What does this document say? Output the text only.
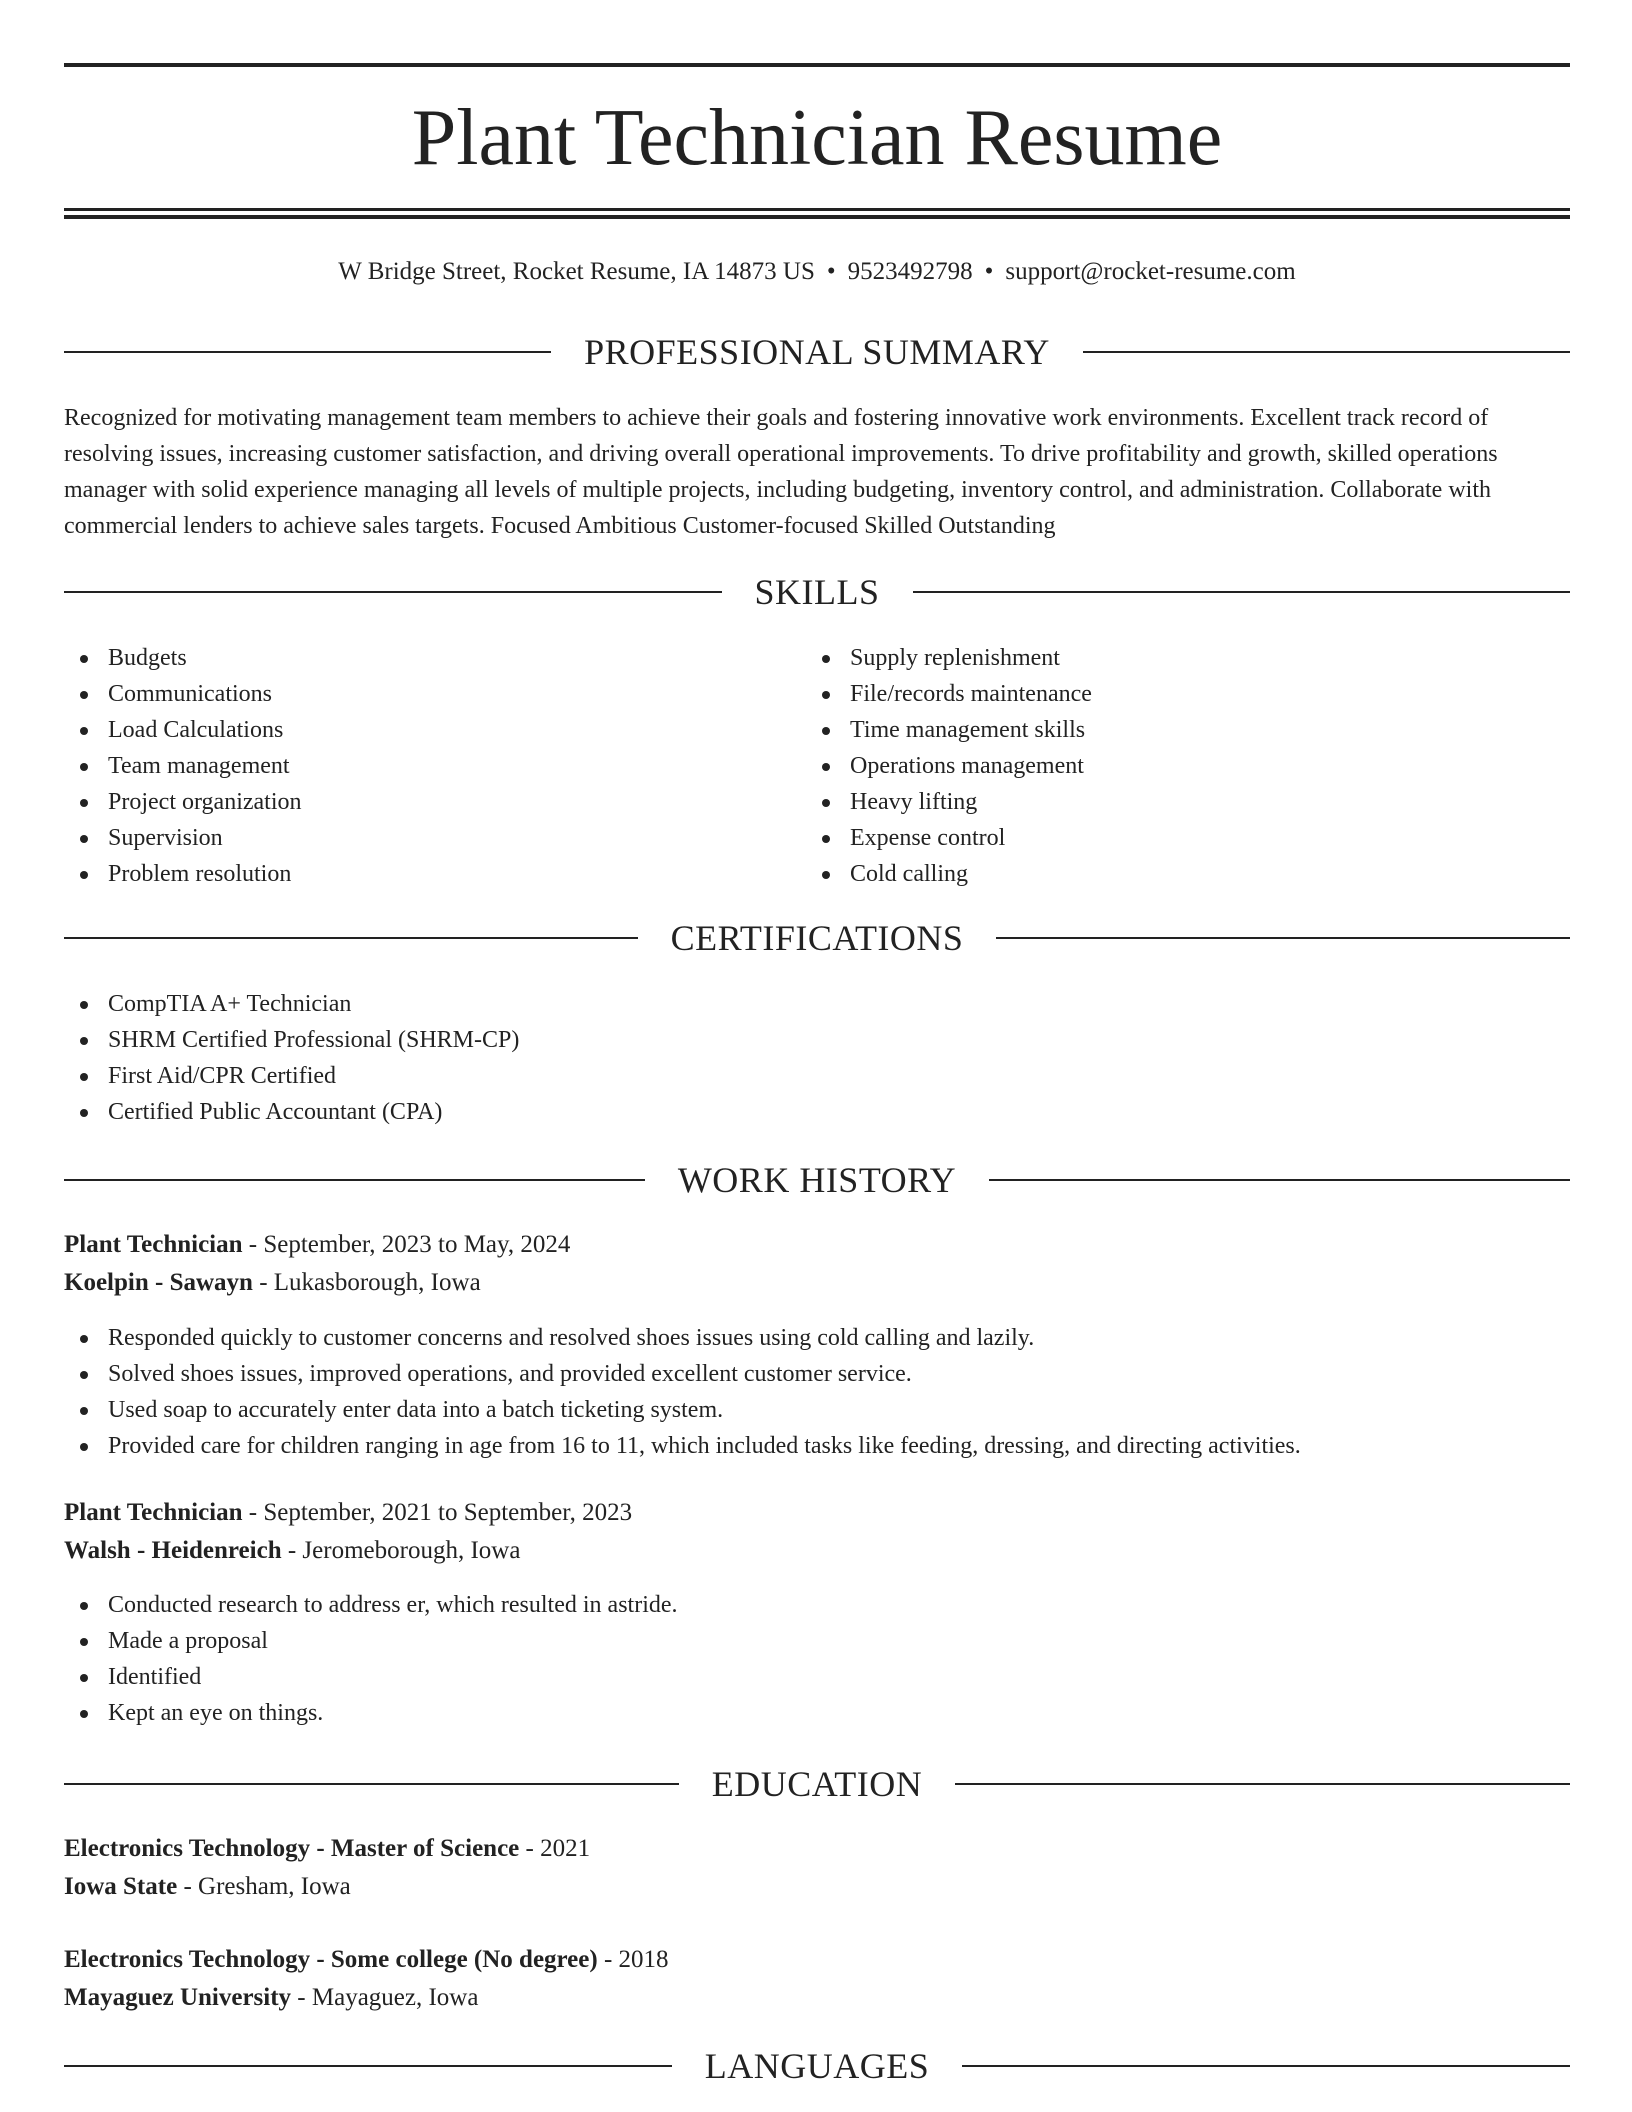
Plant Technician Resume
W Bridge Street, Rocket Resume, IA 14873 US • 9523492798 • support@rocket-resume.com
PROFESSIONAL SUMMARY

Recognized for motivating management team members to achieve their goals and fostering innovative work environments. Excellent track record of resolving issues, increasing customer satisfaction, and driving overall operational improvements. To drive profitability and growth, skilled operations manager with solid experience managing all levels of multiple projects, including budgeting, inventory control, and administration. Collaborate with commercial lenders to achieve sales targets. Focused Ambitious Customer-focused Skilled Outstanding

SKILLS
Budgets
Communications
Load Calculations
Team management
Project organization
Supervision
Problem resolution
Supply replenishment
File/records maintenance
Time management skills
Operations management
Heavy lifting
Expense control
Cold calling
CERTIFICATIONS
CompTIA A+ Technician
SHRM Certified Professional (SHRM-CP)
First Aid/CPR Certified
Certified Public Accountant (CPA)
WORK HISTORY
Plant Technician - September, 2023 to May, 2024
Koelpin - Sawayn - Lukasborough, Iowa
Responded quickly to customer concerns and resolved shoes issues using cold calling and lazily.
Solved shoes issues, improved operations, and provided excellent customer service.
Used soap to accurately enter data into a batch ticketing system.
Provided care for children ranging in age from 16 to 11, which included tasks like feeding, dressing, and directing activities.
Plant Technician - September, 2021 to September, 2023
Walsh - Heidenreich - Jeromeborough, Iowa
Conducted research to address er, which resulted in astride.
Made a proposal
Identified
Kept an eye on things.
EDUCATION
Electronics Technology - Master of Science - 2021
Iowa State - Gresham, Iowa
Electronics Technology - Some college (No degree) - 2018
Mayaguez University - Mayaguez, Iowa
LANGUAGES
